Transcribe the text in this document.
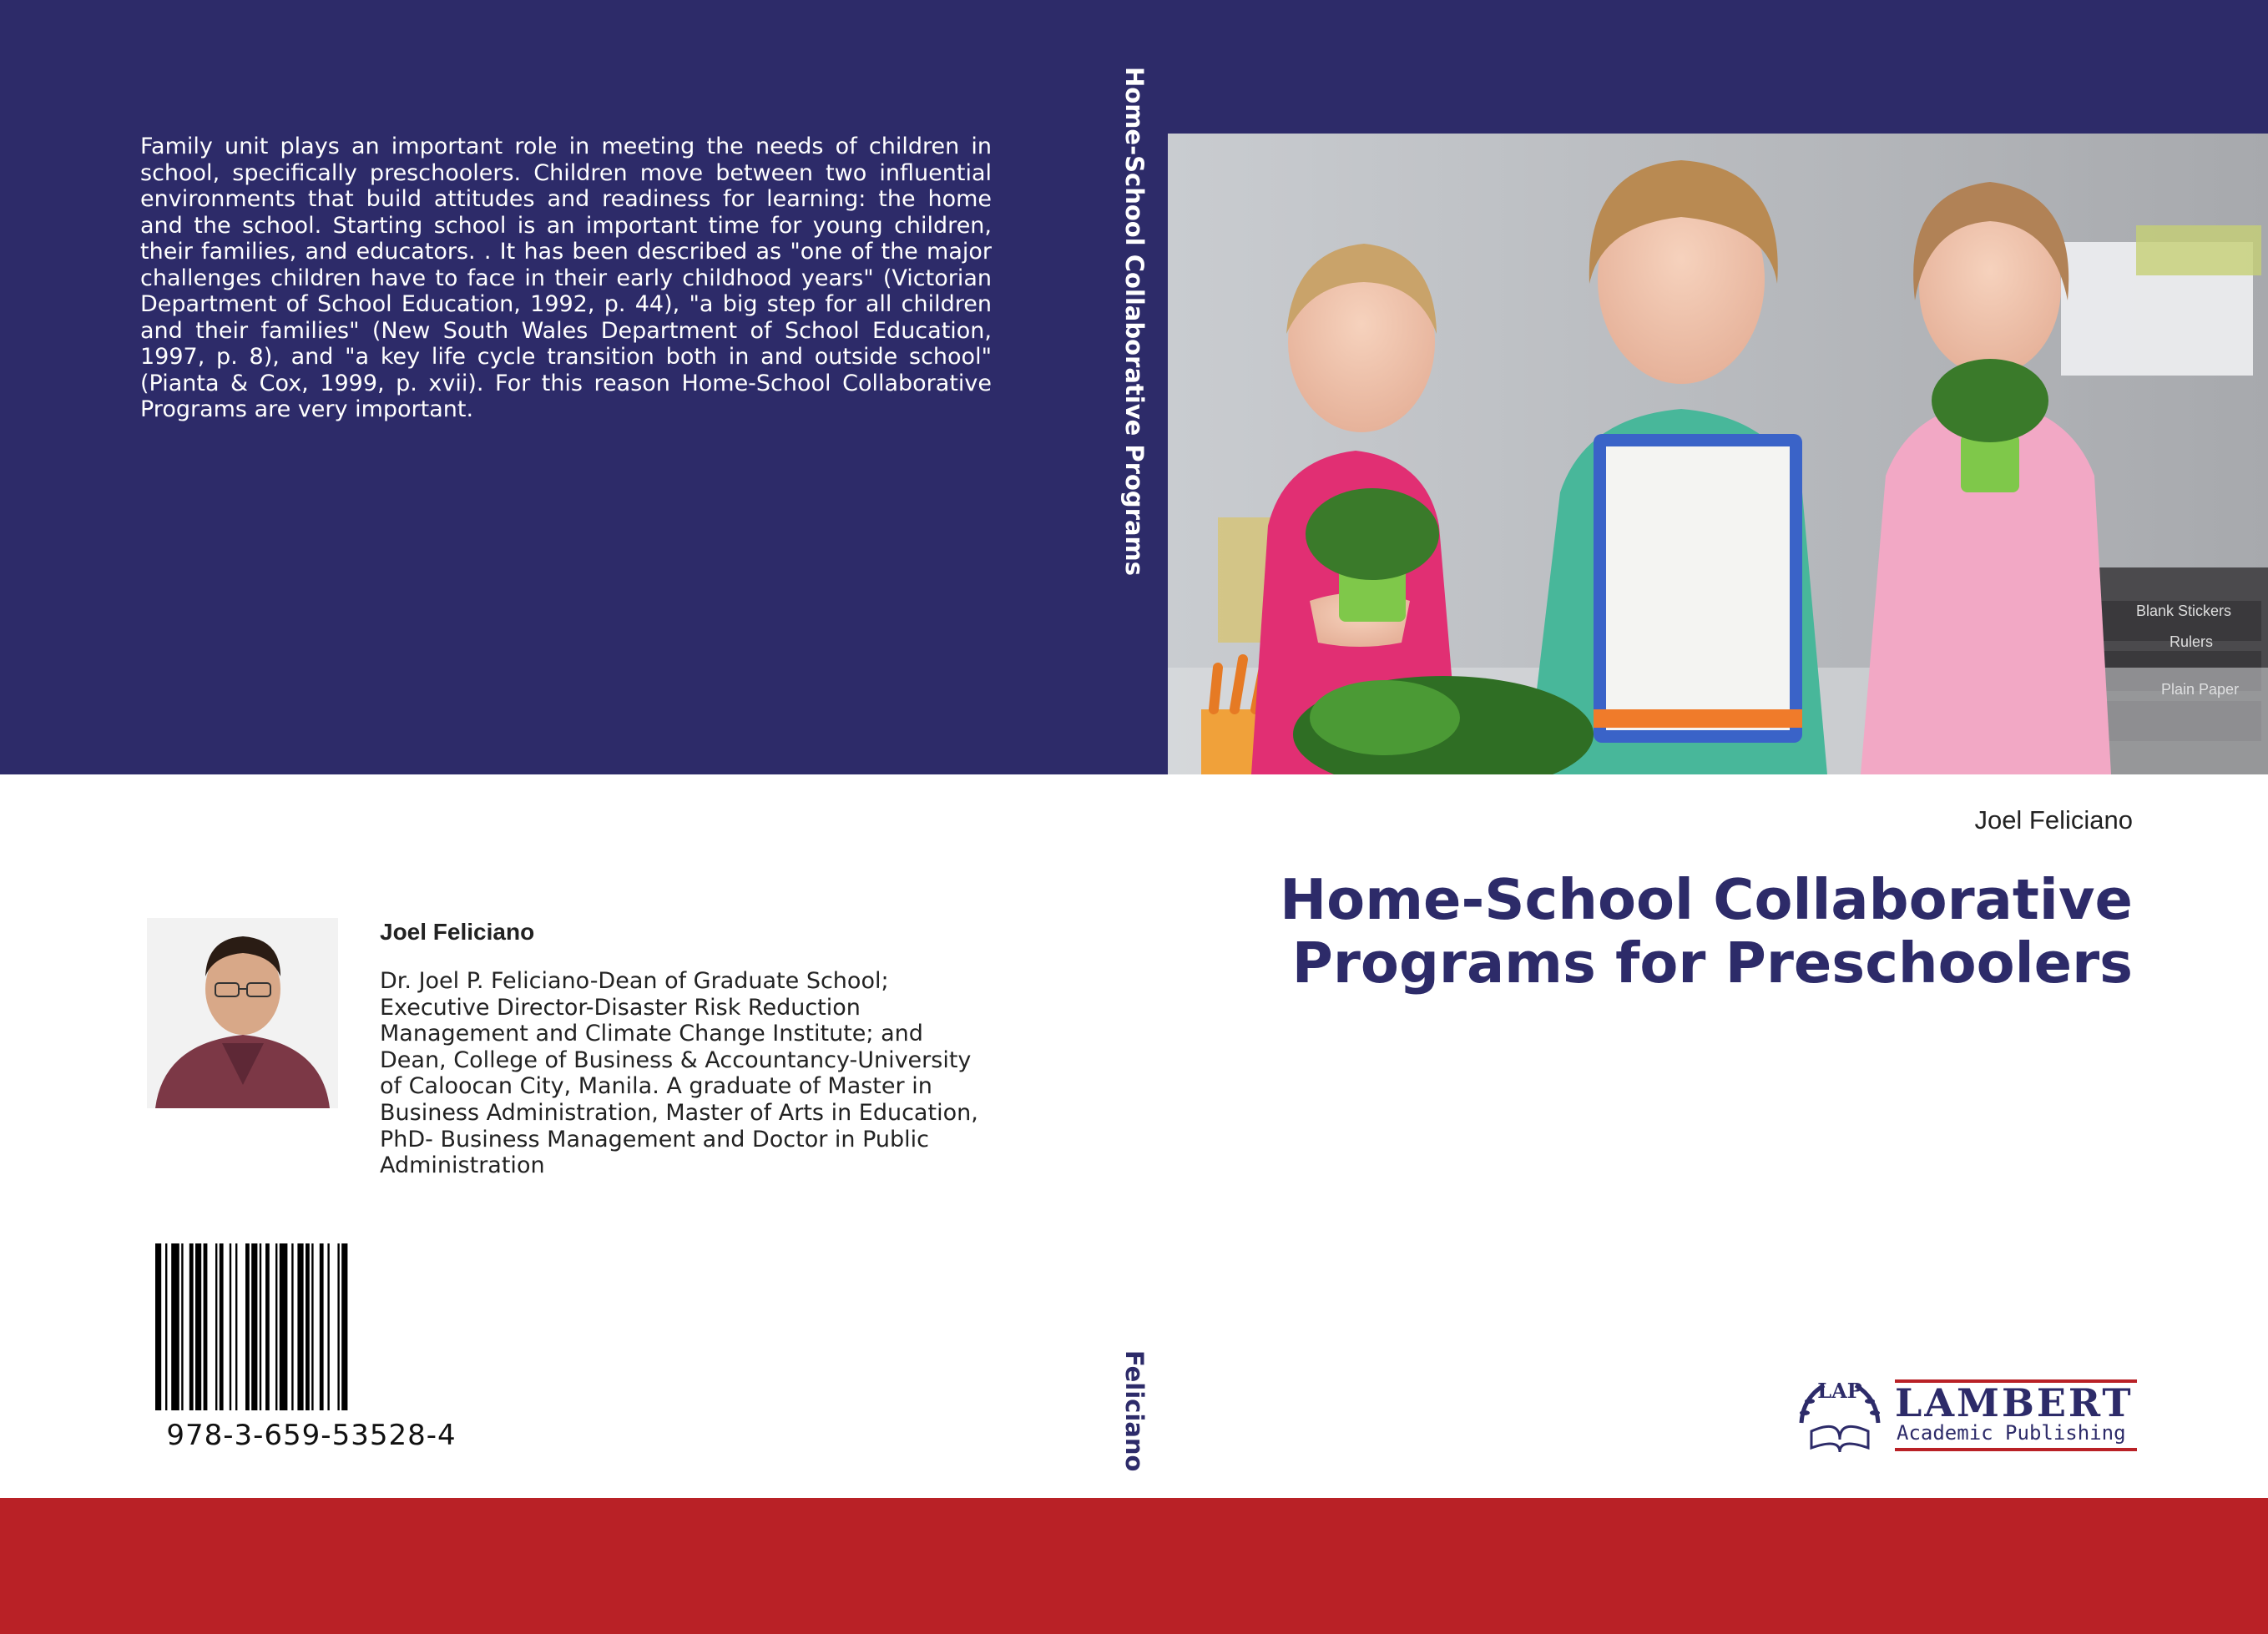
Family unit plays an important role in meeting the needs of children in school, specifically preschoolers. Children move between two influential environments that build attitudes and readiness for learning: the home and the school. Starting school is an important time for young children, their families, and educators. . It has been described as "one of the major challenges children have to face in their early childhood years" (Victorian Department of School Education, 1992, p. 44), "a big step for all children and their families" (New South Wales Department of School Education, 1997, p. 8), and "a key life cycle transition both in and outside school" (Pianta & Cox, 1999, p. xvii). For this reason Home-School Collaborative Programs are very important.	Home-School Collaborative Programs
Feliciano
Blank Stickers
Rulers
Joel Feliciano
Home-School Collaborative
Programs for Preschoolers
Joel Feliciano
Dr. Joel P. Feliciano-Dean of Graduate School; Executive Director-Disaster Risk Reduction Management and Climate Change Institute; and Dean, College of Business & Accountancy-University of Caloocan City, Manila. A graduate of Master in Business Administration, Master of Arts in Education, PhD- Business Management and Doctor in Public Administration
978-3-659-53528-4
LAP LAMBERT
Academic Publishing
